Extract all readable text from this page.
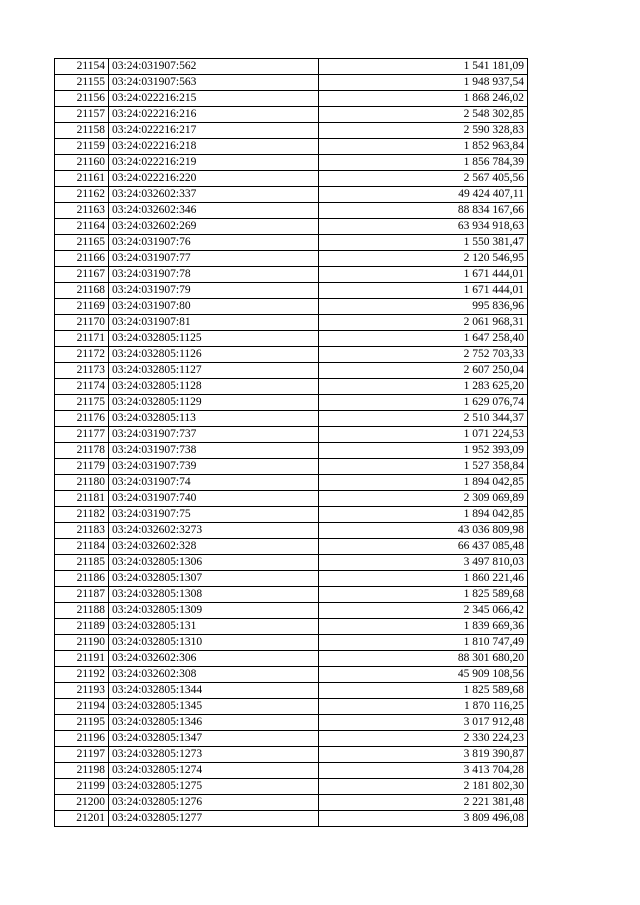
21154	03:24:031907:562	1 541 181,09
21155	03:24:031907:563	1 948 937,54
21156	03:24:022216:215	1 868 246,02
21157	03:24:022216:216	2 548 302,85
21158	03:24:022216:217	2 590 328,83
21159	03:24:022216:218	1 852 963,84
21160	03:24:022216:219	1 856 784,39
21161	03:24:022216:220	2 567 405,56
21162	03:24:032602:337	49 424 407,11
21163	03:24:032602:346	88 834 167,66
21164	03:24:032602:269	63 934 918,63
21165	03:24:031907:76	1 550 381,47
21166	03:24:031907:77	2 120 546,95
21167	03:24:031907:78	1 671 444,01
21168	03:24:031907:79	1 671 444,01
21169	03:24:031907:80	995 836,96
21170	03:24:031907:81	2 061 968,31
21171	03:24:032805:1125	1 647 258,40
21172	03:24:032805:1126	2 752 703,33
21173	03:24:032805:1127	2 607 250,04
21174	03:24:032805:1128	1 283 625,20
21175	03:24:032805:1129	1 629 076,74
21176	03:24:032805:113	2 510 344,37
21177	03:24:031907:737	1 071 224,53
21178	03:24:031907:738	1 952 393,09
21179	03:24:031907:739	1 527 358,84
21180	03:24:031907:74	1 894 042,85
21181	03:24:031907:740	2 309 069,89
21182	03:24:031907:75	1 894 042,85
21183	03:24:032602:3273	43 036 809,98
21184	03:24:032602:328	66 437 085,48
21185	03:24:032805:1306	3 497 810,03
21186	03:24:032805:1307	1 860 221,46
21187	03:24:032805:1308	1 825 589,68
21188	03:24:032805:1309	2 345 066,42
21189	03:24:032805:131	1 839 669,36
21190	03:24:032805:1310	1 810 747,49
21191	03:24:032602:306	88 301 680,20
21192	03:24:032602:308	45 909 108,56
21193	03:24:032805:1344	1 825 589,68
21194	03:24:032805:1345	1 870 116,25
21195	03:24:032805:1346	3 017 912,48
21196	03:24:032805:1347	2 330 224,23
21197	03:24:032805:1273	3 819 390,87
21198	03:24:032805:1274	3 413 704,28
21199	03:24:032805:1275	2 181 802,30
21200	03:24:032805:1276	2 221 381,48
21201	03:24:032805:1277	3 809 496,08
